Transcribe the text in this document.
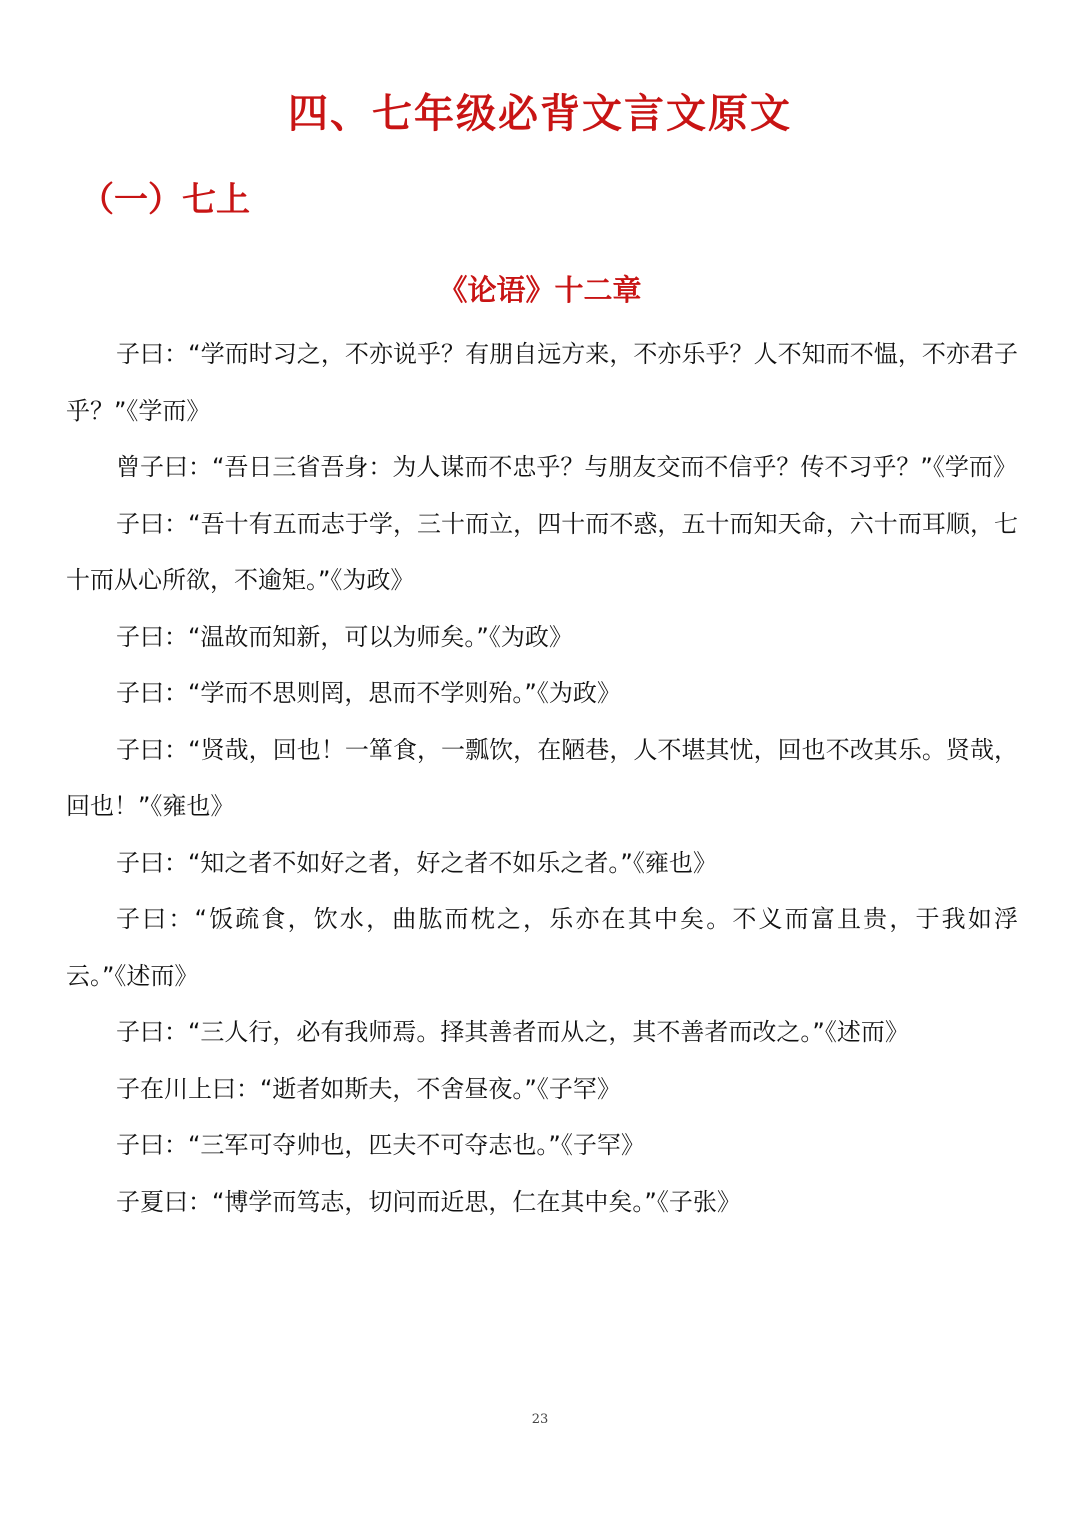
四、七年级必背文言文原文
（一）七上
《论语》十二章

子曰：“学而时习之，不亦说乎？有朋自远方来，不亦乐乎？人不知而不愠，不亦君子乎？”《学而》

曾子曰：“吾日三省吾身：为人谋而不忠乎？与朋友交而不信乎？传不习乎？”《学而》

子曰：“吾十有五而志于学，三十而立，四十而不惑，五十而知天命，六十而耳顺，七十而从心所欲，不逾矩。”《为政》

子曰：“温故而知新，可以为师矣。”《为政》

子曰：“学而不思则罔，思而不学则殆。”《为政》

子曰：“贤哉，回也！一箪食，一瓢饮，在陋巷，人不堪其忧，回也不改其乐。贤哉，回也！”《雍也》

子曰：“知之者不如好之者，好之者不如乐之者。”《雍也》

子曰：“饭疏食，饮水，曲肱而枕之，乐亦在其中矣。不义而富且贵，于我如浮云。”《述而》

子曰：“三人行，必有我师焉。择其善者而从之，其不善者而改之。”《述而》

子在川上曰：“逝者如斯夫，不舍昼夜。”《子罕》

子曰：“三军可夺帅也，匹夫不可夺志也。”《子罕》

子夏曰：“博学而笃志，切问而近思，仁在其中矣。”《子张》

23
